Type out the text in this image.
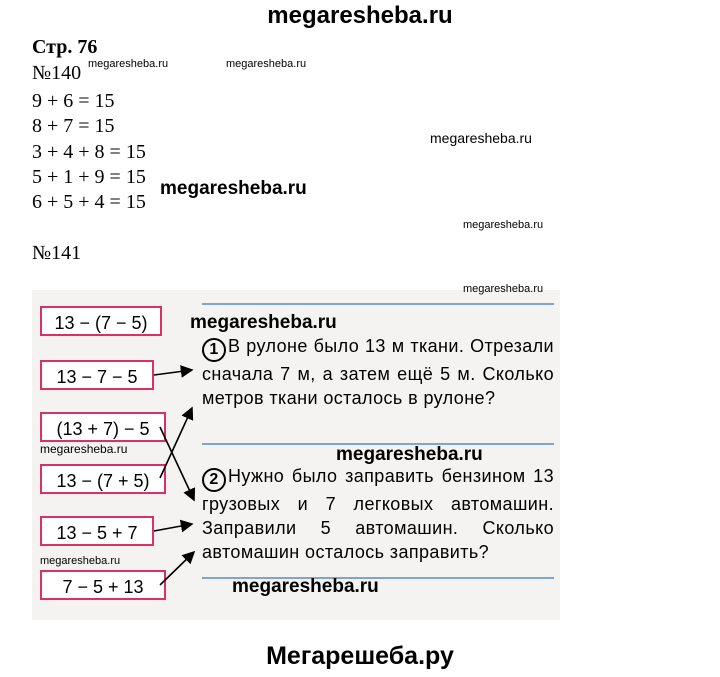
megaresheba.ru
Стр. 76
№140
9 + 6 = 15
8 + 7 = 15
3 + 4 + 8 = 15
5 + 1 + 9 = 15
6 + 5 + 4 = 15
№141
13 − (7 − 5)
13 − 7 − 5
(13 + 7) − 5
13 − (7 + 5)
13 − 5 + 7
7 − 5 + 13
1 В рулоне было 13 м ткани. Отрезали сначала 7 м, а затем ещё 5 м. Сколько метров ткани осталось в рулоне?
2 Нужно было заправить бензином 13 грузовых и 7 легковых автомашин. Заправили 5 автомашин. Сколько автомашин осталось заправить?
megaresheba.ru	megaresheba.ru
megaresheba.ru
megaresheba.ru
megaresheba.ru
megaresheba.ru
megaresheba.ru
megaresheba.ru
megaresheba.ru
megaresheba.ru
megaresheba.ru
Мегарешеба.ру
